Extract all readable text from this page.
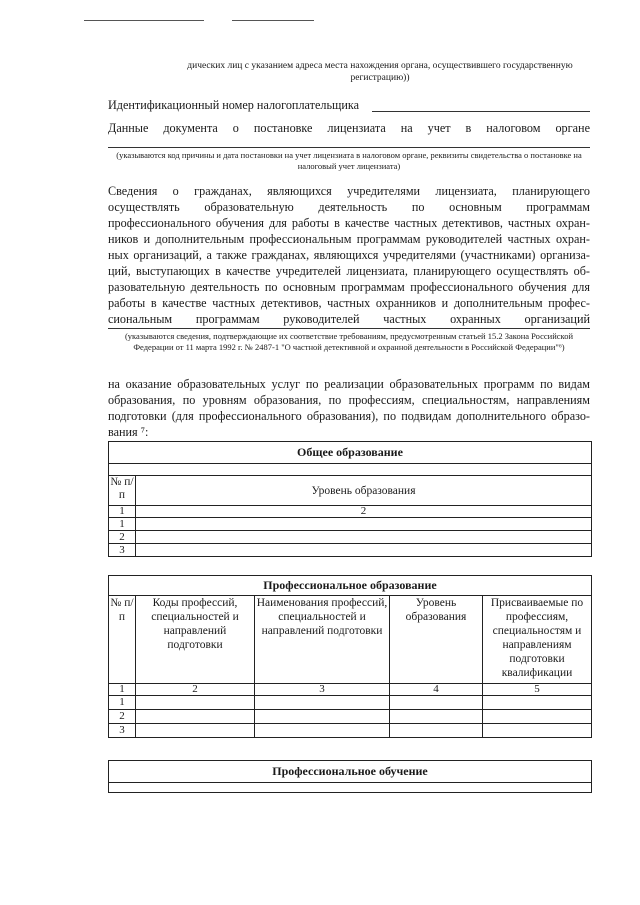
дических лиц с указанием адреса места нахождения органа, осуществившего государственную регистрацию))
Идентификационный номер налогоплательщика
Данные документа о постановке лицензиата на учет в налоговом органе
(указываются код причины и дата постановки на учет лицензиата в налоговом органе, реквизиты свидетельства о постановке на налоговый учет лицензиата)
Сведения о гражданах, являющихся учредителями лицензиата, планирующего
осуществлять образовательную деятельность по основным программам
профессионального обучения для работы в качестве частных детективов, частных охран-
ников и дополнительным профессиональным программам руководителей частных охран-
ных организаций, а также гражданах, являющихся учредителями (участниками) организа-
ций, выступающих в качестве учредителей лицензиата, планирующего осуществлять об-
разовательную деятельность по основным программам профессионального обучения для
работы в качестве частных детективов, частных охранников и дополнительным профес-
сиональным программам руководителей частных охранных организаций
(указываются сведения, подтверждающие их соответствие требованиям, предусмотренным статьей 15.2 Закона Российской Федерации от 11 марта 1992 г. № 2487-1 "О частной детективной и охранной деятельности в Российской Федерации"⁶)
на оказание образовательных услуг по реализации образовательных программ по видам
образования, по уровням образования, по профессиям, специальностям, направлениям
подготовки (для профессионального образования), по подвидам дополнительного образо-
вания ⁷:
Общее образование	

№ п/п	Уровень образования
1	2
1	
2	
3	
Профессиональное образование				
№ п/п	Коды профессий, специальностей и направлений подготовки	Наименования профессий, специальностей и направлений подготовки	Уровень образования	Присваиваемые по профессиям, специальностям и направлениям подготовки квалификации
1	2	3	4	5
1				
2				
3				
Профессиональное обучение
